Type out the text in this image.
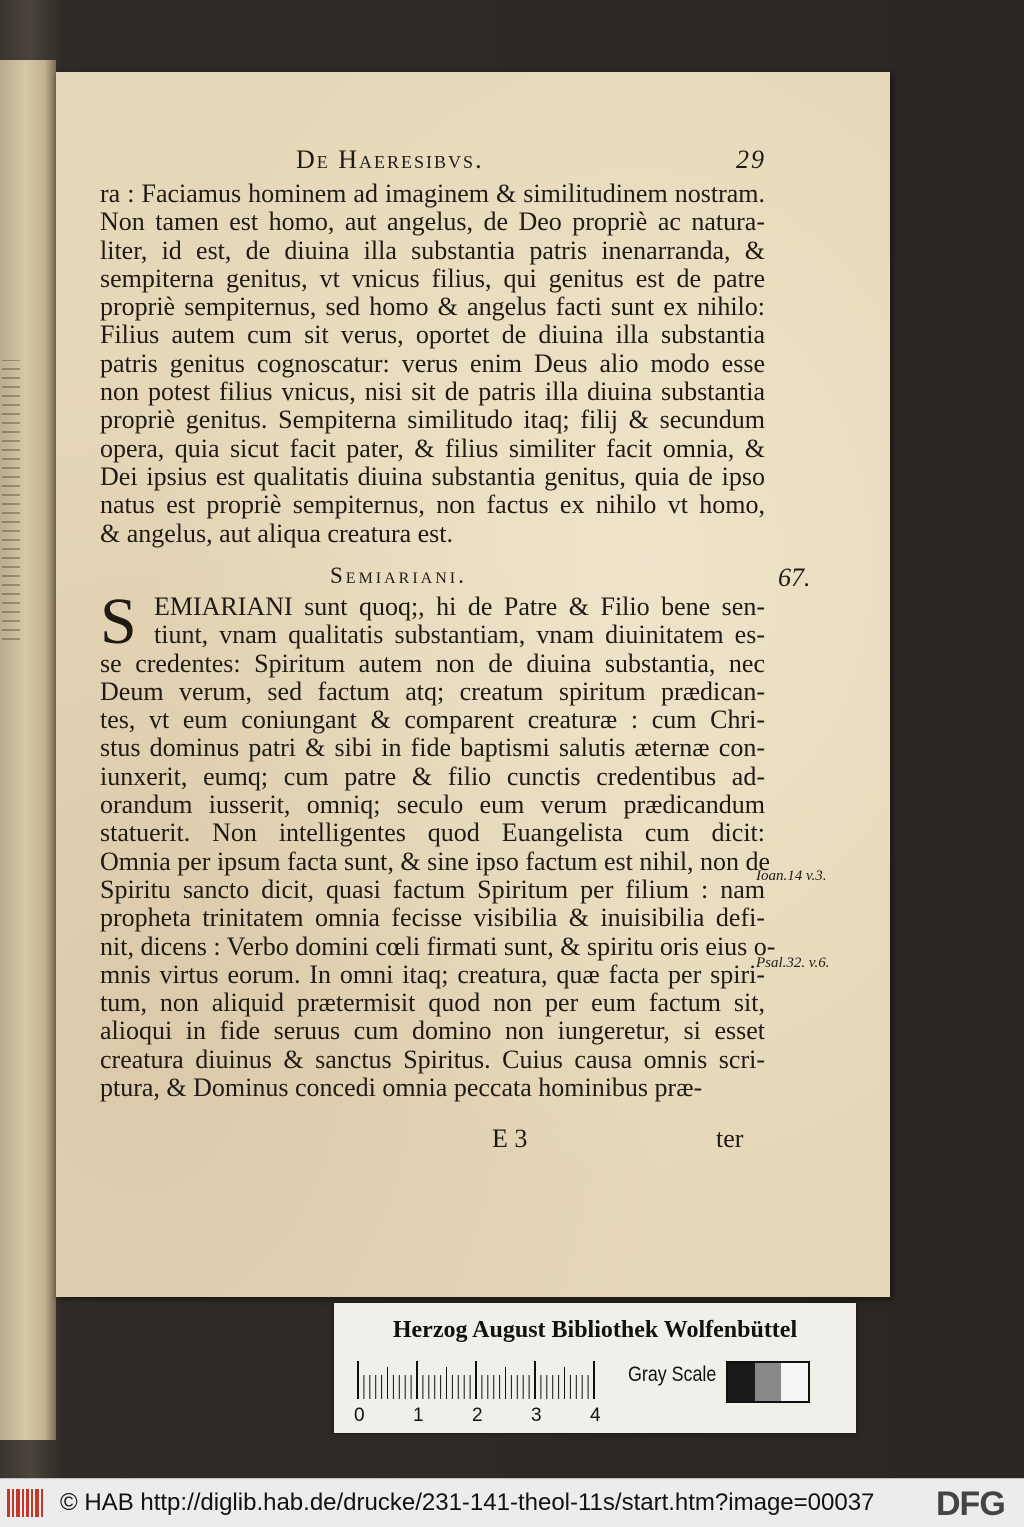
De Haeresibvs.	29
ra : Faciamus hominem ad imaginem & similitudinem nostram.
Non tamen est homo, aut angelus, de Deo propriè ac natura-
liter, id est, de diuina illa substantia patris inenarranda, &
sempiterna genitus, vt vnicus filius, qui genitus est de patre
propriè sempiternus, sed homo & angelus facti sunt ex nihilo:
Filius autem cum sit verus, oportet de diuina illa substantia
patris genitus cognoscatur: verus enim Deus alio modo esse
non potest filius vnicus, nisi sit de patris illa diuina substantia
propriè genitus. Sempiterna similitudo itaq; filij & secundum
opera, quia sicut facit pater, & filius similiter facit omnia, &
Dei ipsius est qualitatis diuina substantia genitus, quia de ipso
natus est propriè sempiternus, non factus ex nihilo vt homo,
& angelus, aut aliqua creatura est.
Semiariani.	67.
S EMIARIANI sunt quoq;, hi de Patre & Filio bene sen-
tiunt, vnam qualitatis substantiam, vnam diuinitatem es-
se credentes: Spiritum autem non de diuina substantia, nec
Deum verum, sed factum atq; creatum spiritum prædican-
tes, vt eum coniungant & comparent creaturæ : cum Chri-
stus dominus patri & sibi in fide baptismi salutis æternæ con-
iunxerit, eumq; cum patre & filio cunctis credentibus ad-
orandum iusserit, omniq; seculo eum verum prædicandum
statuerit. Non intelligentes quod Euangelista cum dicit:
Omnia per ipsum facta sunt, & sine ipso factum est nihil, non de
Spiritu sancto dicit, quasi factum Spiritum per filium : nam
propheta trinitatem omnia fecisse visibilia & inuisibilia defi-
nit, dicens : Verbo domini cœli firmati sunt, & spiritu oris eius o-
mnis virtus eorum. In omni itaq; creatura, quæ facta per spiri-
tum, non aliquid prætermisit quod non per eum factum sit,
alioqui in fide seruus cum domino non iungeretur, si esset
creatura diuinus & sanctus Spiritus. Cuius causa omnis scri-
ptura, & Dominus concedi omnia peccata hominibus præ-
Ioan.14 v.3.
Psal.32. v.6.
E 3	ter
Herzog August Bibliothek Wolfenbüttel
0	1	2	3	4
Gray Scale
© HAB http://diglib.hab.de/drucke/231-141-theol-11s/start.htm?image=00037 DFG
